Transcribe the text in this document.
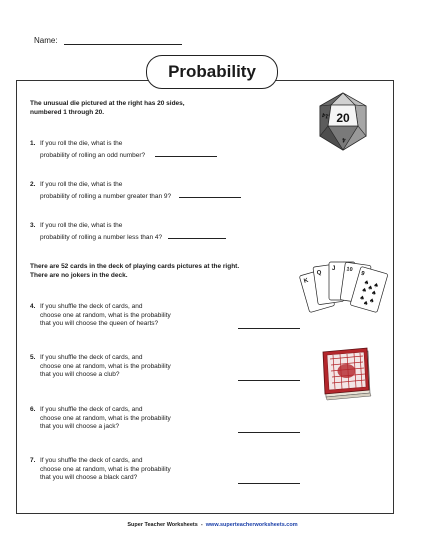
Name:
Probability
The unusual die pictured at the right has 20 sides,
numbered 1 through 20.
1. If you roll the die, what is the
probability of rolling an odd number?
2. If you roll the die, what is the
probability of rolling a number greater than 9?
3. If you roll the die, what is the
probability of rolling a number less than 4?
There are 52 cards in the deck of playing cards pictures at the right.
There are no jokers in the deck.
4. If you shuffle the deck of cards, and
choose one at random, what is the probability
that you will choose the queen of hearts?
5. If you shuffle the deck of cards, and
choose one at random, what is the probability
that you will choose a club?
6. If you shuffle the deck of cards, and
choose one at random, what is the probability
that you will choose a jack?
7. If you shuffle the deck of cards, and
choose one at random, what is the probability
that you will choose a black card?
20
14
4
K
Q
J 10
9
♠ ♠
♠ ♠
♠
♠ ♠
♠
Super Teacher Worksheets - www.superteacherworksheets.com
